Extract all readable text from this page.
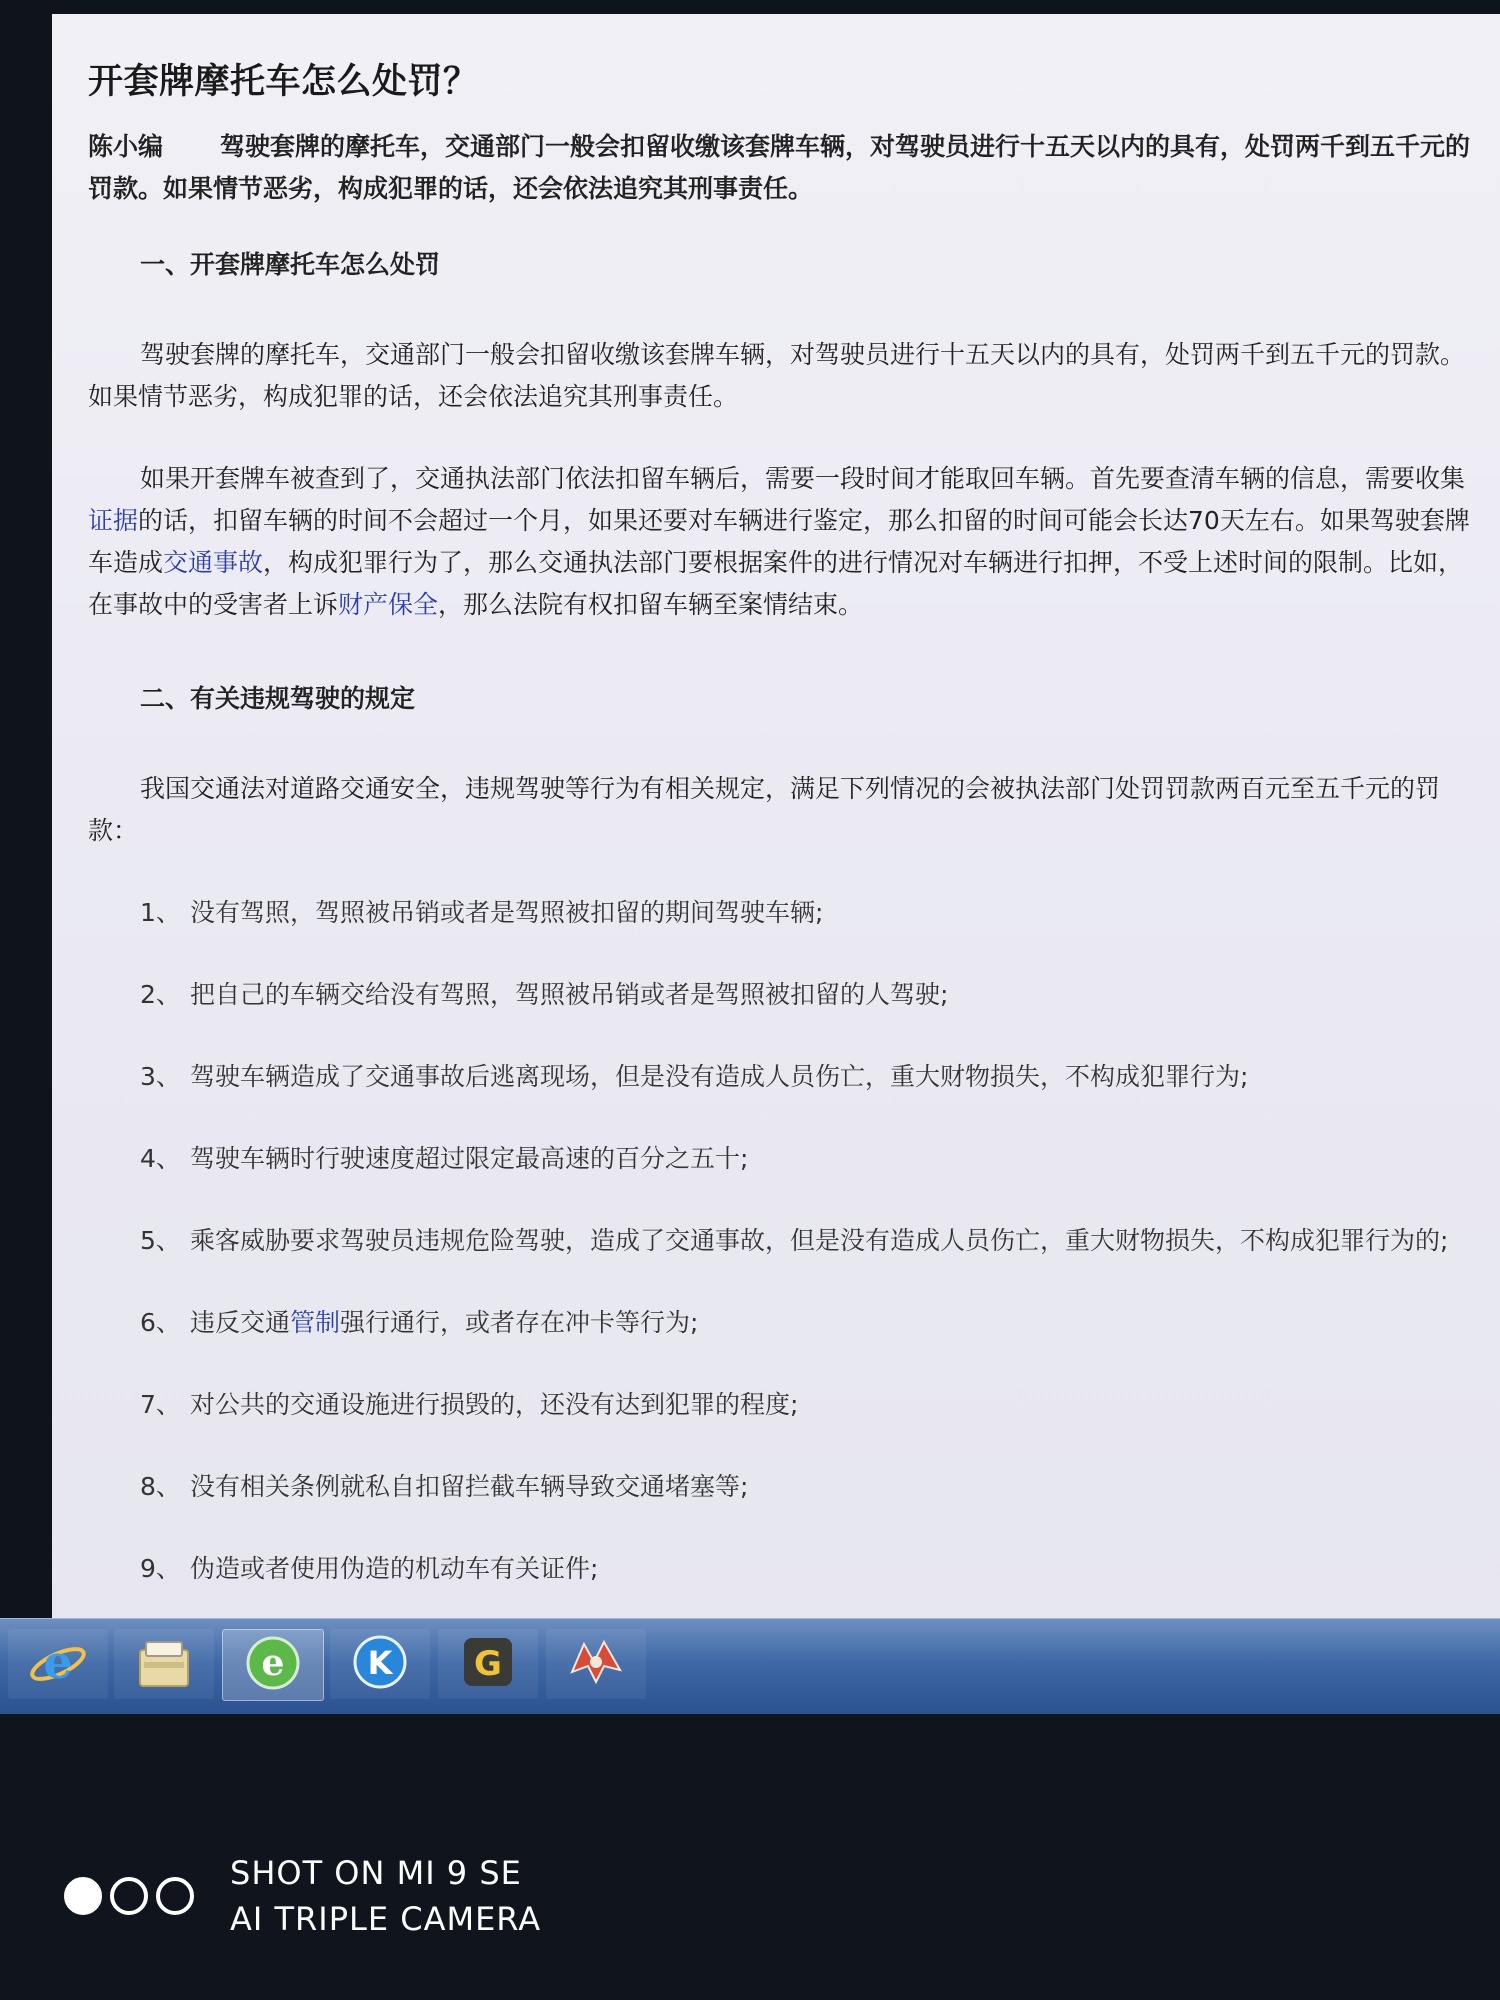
开套牌摩托车怎么处罚？

陈小编 驾驶套牌的摩托车，交通部门一般会扣留收缴该套牌车辆，对驾驶员进行十五天以内的具有，处罚两千到五千元的罚款。如果情节恶劣，构成犯罪的话，还会依法追究其刑事责任。

一、开套牌摩托车怎么处罚

驾驶套牌的摩托车，交通部门一般会扣留收缴该套牌车辆，对驾驶员进行十五天以内的具有，处罚两千到五千元的罚款。如果情节恶劣，构成犯罪的话，还会依法追究其刑事责任。

如果开套牌车被查到了，交通执法部门依法扣留车辆后，需要一段时间才能取回车辆。首先要查清车辆的信息，需要收集证据的话，扣留车辆的时间不会超过一个月，如果还要对车辆进行鉴定，那么扣留的时间可能会长达70天左右。如果驾驶套牌车造成交通事故，构成犯罪行为了，那么交通执法部门要根据案件的进行情况对车辆进行扣押，不受上述时间的限制。比如，在事故中的受害者上诉财产保全，那么法院有权扣留车辆至案情结束。

二、有关违规驾驶的规定

我国交通法对道路交通安全，违规驾驶等行为有相关规定，满足下列情况的会被执法部门处罚罚款两百元至五千元的罚款：

1、 没有驾照，驾照被吊销或者是驾照被扣留的期间驾驶车辆;

2、 把自己的车辆交给没有驾照，驾照被吊销或者是驾照被扣留的人驾驶;

3、 驾驶车辆造成了交通事故后逃离现场，但是没有造成人员伤亡，重大财物损失，不构成犯罪行为;

4、 驾驶车辆时行驶速度超过限定最高速的百分之五十;

5、 乘客威胁要求驾驶员违规危险驾驶，造成了交通事故，但是没有造成人员伤亡，重大财物损失，不构成犯罪行为的;

6、 违反交通管制强行通行，或者存在冲卡等行为;

7、 对公共的交通设施进行损毁的，还没有达到犯罪的程度;

8、 没有相关条例就私自扣留拦截车辆导致交通堵塞等;

9、 伪造或者使用伪造的机动车有关证件;

e	e	K G
SHOT ON MI 9 SE
AI TRIPLE CAMERA
